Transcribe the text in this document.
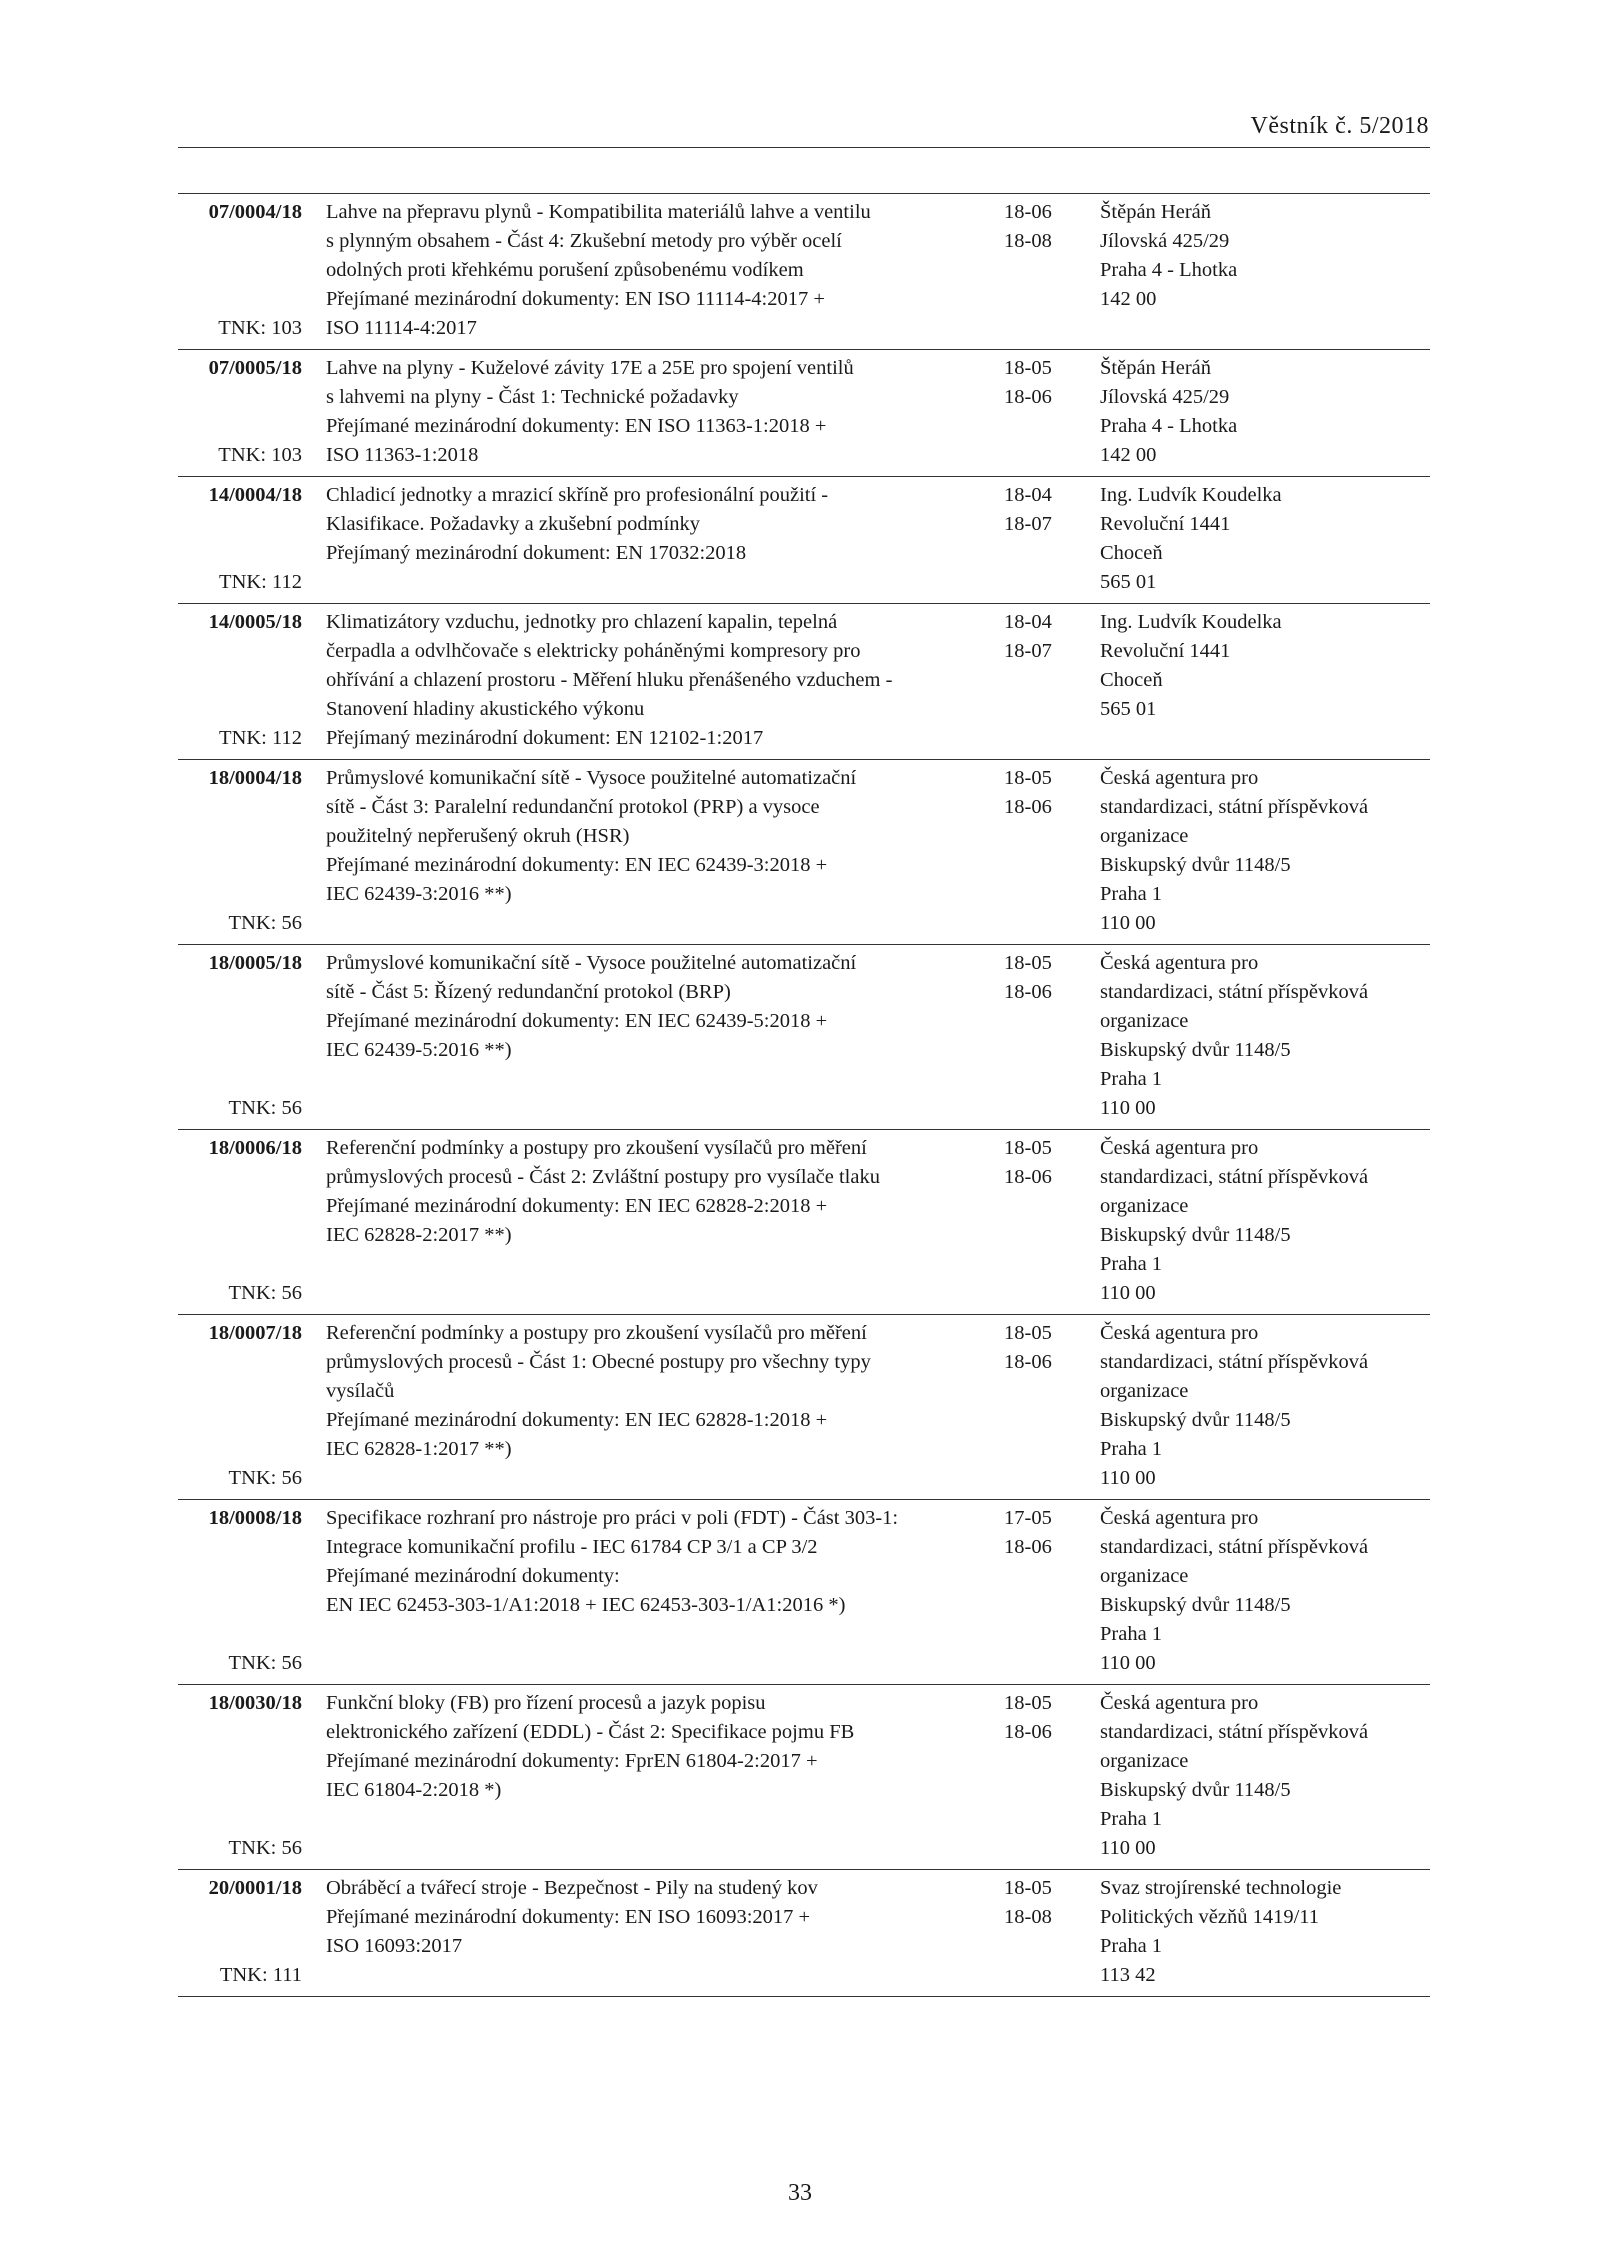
Věstník č. 5/2018
07/0004/18
TNK: 103
Lahve na přepravu plynů - Kompatibilita materiálů lahve a ventilu
s plynným obsahem - Část 4: Zkušební metody pro výběr ocelí
odolných proti křehkému porušení způsobenému vodíkem
Přejímané mezinárodní dokumenty: EN ISO 11114-4:2017 +
ISO 11114-4:2017
18-06
18-08
Štěpán Heráň
Jílovská 425/29
Praha 4 - Lhotka
142 00
07/0005/18
TNK: 103
Lahve na plyny - Kuželové závity 17E a 25E pro spojení ventilů
s lahvemi na plyny - Část 1: Technické požadavky
Přejímané mezinárodní dokumenty: EN ISO 11363-1:2018 +
ISO 11363-1:2018
18-05
18-06
Štěpán Heráň
Jílovská 425/29
Praha 4 - Lhotka
142 00
14/0004/18
TNK: 112
Chladicí jednotky a mrazicí skříně pro profesionální použití -
Klasifikace. Požadavky a zkušební podmínky
Přejímaný mezinárodní dokument: EN 17032:2018
18-04
18-07
Ing. Ludvík Koudelka
Revoluční 1441
Choceň
565 01
14/0005/18
TNK: 112
Klimatizátory vzduchu, jednotky pro chlazení kapalin, tepelná
čerpadla a odvlhčovače s elektricky poháněnými kompresory pro
ohřívání a chlazení prostoru - Měření hluku přenášeného vzduchem -
Stanovení hladiny akustického výkonu
Přejímaný mezinárodní dokument: EN 12102-1:2017
18-04
18-07
Ing. Ludvík Koudelka
Revoluční 1441
Choceň
565 01
18/0004/18
TNK: 56
Průmyslové komunikační sítě - Vysoce použitelné automatizační
sítě - Část 3: Paralelní redundanční protokol (PRP) a vysoce
použitelný nepřerušený okruh (HSR)
Přejímané mezinárodní dokumenty: EN IEC 62439-3:2018 +
IEC 62439-3:2016 **)
18-05
18-06
Česká agentura pro
standardizaci, státní příspěvková
organizace
Biskupský dvůr 1148/5
Praha 1
110 00
18/0005/18
TNK: 56
Průmyslové komunikační sítě - Vysoce použitelné automatizační
sítě - Část 5: Řízený redundanční protokol (BRP)
Přejímané mezinárodní dokumenty: EN IEC 62439-5:2018 +
IEC 62439-5:2016 **)
18-05
18-06
Česká agentura pro
standardizaci, státní příspěvková
organizace
Biskupský dvůr 1148/5
Praha 1
110 00
18/0006/18
TNK: 56
Referenční podmínky a postupy pro zkoušení vysílačů pro měření
průmyslových procesů - Část 2: Zvláštní postupy pro vysílače tlaku
Přejímané mezinárodní dokumenty: EN IEC 62828-2:2018 +
IEC 62828-2:2017 **)
18-05
18-06
Česká agentura pro
standardizaci, státní příspěvková
organizace
Biskupský dvůr 1148/5
Praha 1
110 00
18/0007/18
TNK: 56
Referenční podmínky a postupy pro zkoušení vysílačů pro měření
průmyslových procesů - Část 1: Obecné postupy pro všechny typy
vysílačů
Přejímané mezinárodní dokumenty: EN IEC 62828-1:2018 +
IEC 62828-1:2017 **)
18-05
18-06
Česká agentura pro
standardizaci, státní příspěvková
organizace
Biskupský dvůr 1148/5
Praha 1
110 00
18/0008/18
TNK: 56
Specifikace rozhraní pro nástroje pro práci v poli (FDT) - Část 303-1:
Integrace komunikační profilu - IEC 61784 CP 3/1 a CP 3/2
Přejímané mezinárodní dokumenty:
EN IEC 62453-303-1/A1:2018 + IEC 62453-303-1/A1:2016 *)
17-05
18-06
Česká agentura pro
standardizaci, státní příspěvková
organizace
Biskupský dvůr 1148/5
Praha 1
110 00
18/0030/18
TNK: 56
Funkční bloky (FB) pro řízení procesů a jazyk popisu
elektronického zařízení (EDDL) - Část 2: Specifikace pojmu FB
Přejímané mezinárodní dokumenty: FprEN 61804-2:2017 +
IEC 61804-2:2018 *)
18-05
18-06
Česká agentura pro
standardizaci, státní příspěvková
organizace
Biskupský dvůr 1148/5
Praha 1
110 00
20/0001/18
TNK: 111
Obráběcí a tvářecí stroje - Bezpečnost - Pily na studený kov
Přejímané mezinárodní dokumenty: EN ISO 16093:2017 +
ISO 16093:2017
18-05
18-08
Svaz strojírenské technologie
Politických vězňů 1419/11
Praha 1
113 42
33
